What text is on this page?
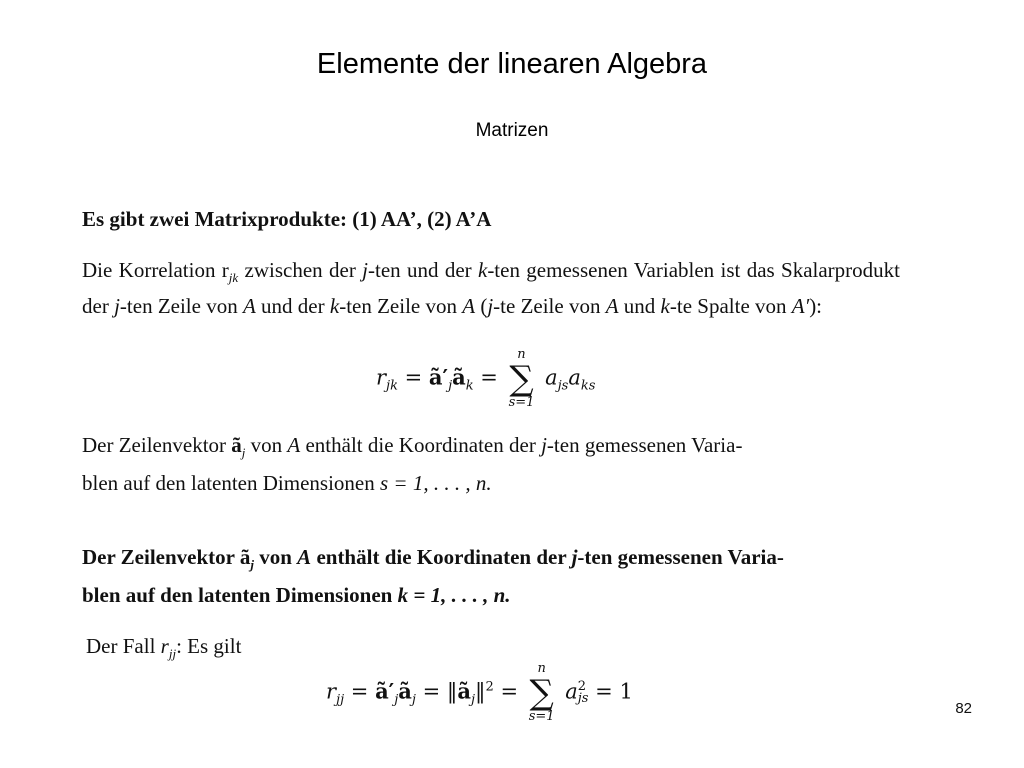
Elemente der linearen Algebra
Matrizen
Es gibt zwei Matrixprodukte: (1) AA’, (2) A’A
Die Korrelation $r_{jk}$ zwischen der j-ten und der k-ten gemessenen Variablen ist das Skalarprodukt der j-ten Zeile von A und der k-ten Zeile von A (j-te Zeile von A und k-te Spalte von A′):
$r_{jk}$ = $ã'_jã_k$ =
n
∑
s=1
$a_{js}a_{ks}$
Der Zeilenvektor $ã_j$ von A enthält die Koordinaten der j-ten gemessenen Varia-
blen auf den latenten Dimensionen s = 1, . . . , n.
Der Zeilenvektor $ã_j$ von A enthält die Koordinaten der j-ten gemessenen Varia-
blen auf den latenten Dimensionen k = 1, . . . , n.
Der Fall $r_{jj}$: Es gilt
$r_{jj}$ = $ã'_jã_j$ = $‖ã_j‖^2$ =
n
∑
s=1
a 2
js = 1
82
